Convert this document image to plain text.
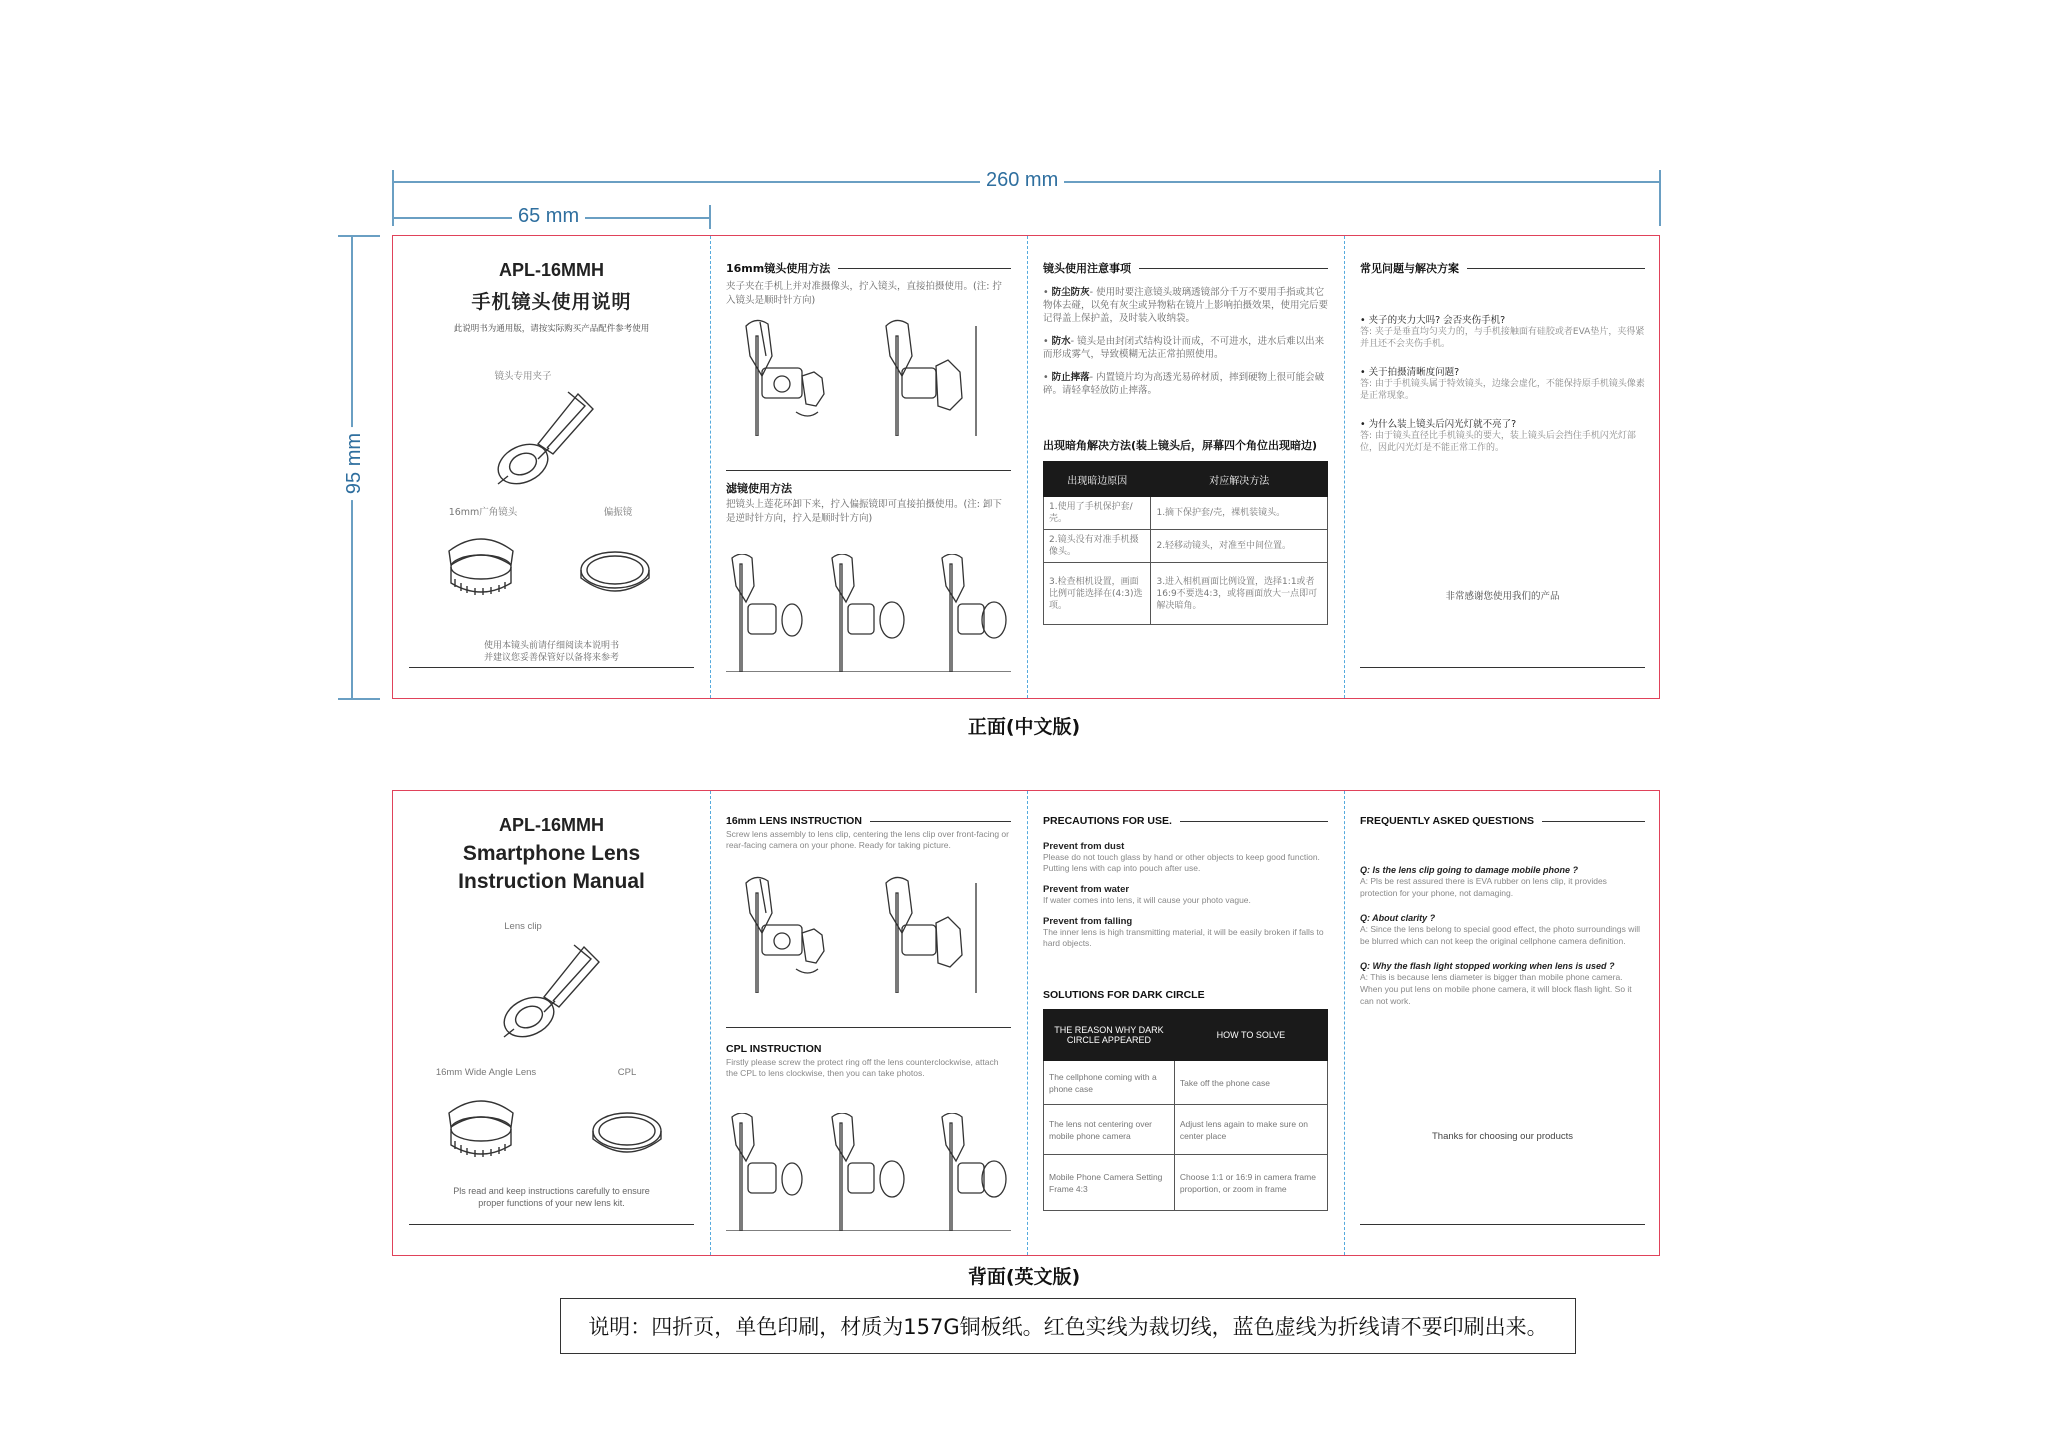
260 mm
65 mm
95 mm
APL-16MMH
手机镜头使用说明
此说明书为通用版，请按实际购买产品配件参考使用
镜头专用夹子
16mm广角镜头	偏振镜
使用本镜头前请仔细阅读本说明书
并建议您妥善保管好以备将来参考
16mm镜头使用方法
夹子夹在手机上并对准摄像头，拧入镜头，直接拍摄使用。(注: 拧入镜头是顺时针方向)
滤镜使用方法
把镜头上莲花环卸下来，拧入偏振镜即可直接拍摄使用。(注: 卸下是逆时针方向，拧入是顺时针方向)
镜头使用注意事项
• 防尘防灰- 使用时要注意镜头玻璃透镜部分千万不要用手指或其它物体去碰，以免有灰尘或异物粘在镜片上影响拍摄效果，使用完后要记得盖上保护盖，及时装入收纳袋。
• 防水- 镜头是由封闭式结构设计而成，不可进水，进水后难以出来而形成雾气，导致模糊无法正常拍照使用。
• 防止摔落- 内置镜片均为高透光易碎材质，摔到硬物上很可能会破碎。请轻拿轻放防止摔落。
出现暗角解决方法(装上镜头后，屏幕四个角位出现暗边)
出现暗边原因	对应解决方法
1.使用了手机保护套/壳。	1.摘下保护套/壳，裸机装镜头。
2.镜头没有对准手机摄像头。	2.轻移动镜头，对准至中间位置。
3.检查相机设置，画面比例可能选择在(4:3)选项。	3.进入相机画面比例设置，选择1:1或者16:9不要选4:3，或将画面放大一点即可解决暗角。
常见问题与解决方案
• 夹子的夹力大吗? 会否夹伤手机?
答: 夹子是垂直均匀夹力的，与手机接触面有硅胶或者EVA垫片，夹得紧并且还不会夹伤手机。
• 关于拍摄清晰度问题?
答: 由于手机镜头属于特效镜头，边缘会虚化，不能保持原手机镜头像素是正常现象。
• 为什么装上镜头后闪光灯就不亮了?
答: 由于镜头直径比手机镜头的要大，装上镜头后会挡住手机闪光灯部位，因此闪光灯是不能正常工作的。
非常感谢您使用我们的产品
正面(中文版)
APL-16MMH
Smartphone Lens
Instruction Manual
Lens clip
16mm Wide Angle Lens	CPL
Pls read and keep instructions carefully to ensure
proper functions of your new lens kit.
16mm LENS INSTRUCTION
Screw lens assembly to lens clip, centering the lens clip over front-facing or rear-facing camera on your phone. Ready for taking picture.
CPL INSTRUCTION
Firstly please screw the protect ring off the lens counterclockwise, attach the CPL to lens clockwise, then you can take photos.
PRECAUTIONS FOR USE.
Prevent from dust
Please do not touch glass by hand or other objects to keep good function. Putting lens with cap into pouch after use.
Prevent from water
If water comes into lens, it will cause your photo vague.
Prevent from falling
The inner lens is high transmitting material, it will be easily broken if falls to hard objects.
SOLUTIONS FOR DARK CIRCLE
THE REASON WHY DARK CIRCLE APPEARED	HOW TO SOLVE
The cellphone coming with a phone case	Take off the phone case
The lens not centering over mobile phone camera	Adjust lens again to make sure on center place
Mobile Phone Camera Setting Frame 4:3	Choose 1:1 or 16:9 in camera frame proportion, or zoom in frame
FREQUENTLY ASKED QUESTIONS
Q: Is the lens clip going to damage mobile phone ?
A: Pls be rest assured there is EVA rubber on lens clip, it provides protection for your phone, not damaging.
Q: About clarity ?
A: Since the lens belong to special good effect, the photo surroundings will be blurred which can not keep the original cellphone camera definition.
Q: Why the flash light stopped working when lens is used ?
A: This is because lens diameter is bigger than mobile phone camera. When you put lens on mobile phone camera, it will block flash light. So it can not work.
Thanks for choosing our products
背面(英文版)
说明：四折页，单色印刷，材质为157G铜板纸。红色实线为裁切线，蓝色虚线为折线请不要印刷出来。
